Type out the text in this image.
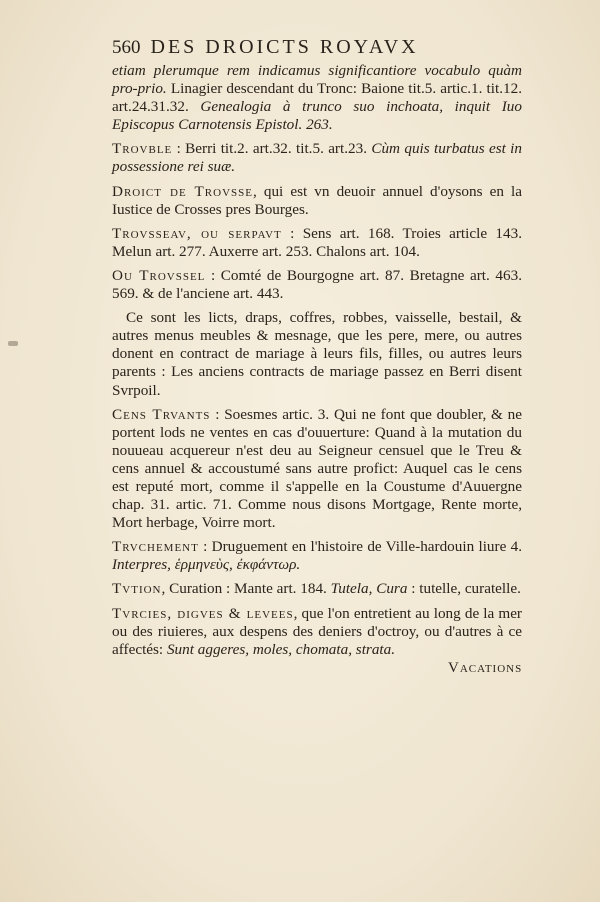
560 DES DROICTS ROYAVX

etiam plerumque rem indicamus significantiore vocabulo quàm pro-prio. Linagier descendant du Tronc: Baione tit.5. artic.1. tit.12. art.24.31.32. Genealogia à trunco suo inchoata, inquit Iuo Episcopus Carnotensis Epistol. 263.

Trovble : Berri tit.2. art.32. tit.5. art.23. Cùm quis turbatus est in possessione rei suæ.

Droict de Trovsse, qui est vn deuoir annuel d'oysons en la Iustice de Crosses pres Bourges.

Trovsseav, ou serpavt : Sens art. 168. Troies article 143. Melun art. 277. Auxerre art. 253. Chalons art. 104.

Ou Trovssel : Comté de Bourgogne art. 87. Bretagne art. 463. 569. & de l'anciene art. 443.

Ce sont les licts, draps, coffres, robbes, vaisselle, bestail, & autres menus meubles & mesnage, que les pere, mere, ou autres donent en contract de mariage à leurs fils, filles, ou autres leurs parents : Les anciens contracts de mariage passez en Berri disent Svrpoil.

Cens Trvants : Soesmes artic. 3. Qui ne font que doubler, & ne portent lods ne ventes en cas d'ouuerture: Quand à la mutation du nouueau acquereur n'est deu au Seigneur censuel que le Treu & cens annuel & accoustumé sans autre profict: Auquel cas le cens est reputé mort, comme il s'appelle en la Coustume d'Auuergne chap. 31. artic. 71. Comme nous disons Mortgage, Rente morte, Mort herbage, Voirre mort.

Trvchement : Druguement en l'histoire de Ville-hardouin liure 4. Interpres, ἑρμηνεὺς, ἐκφάντωρ.

Tvtion, Curation : Mante art. 184. Tutela, Cura : tutelle, curatelle.

Tvrcies, digves & levees, que l'on entretient au long de la mer ou des riuieres, aux despens des deniers d'octroy, ou d'autres à ce affectés: Sunt aggeres, moles, chomata, strata.

Vacations
